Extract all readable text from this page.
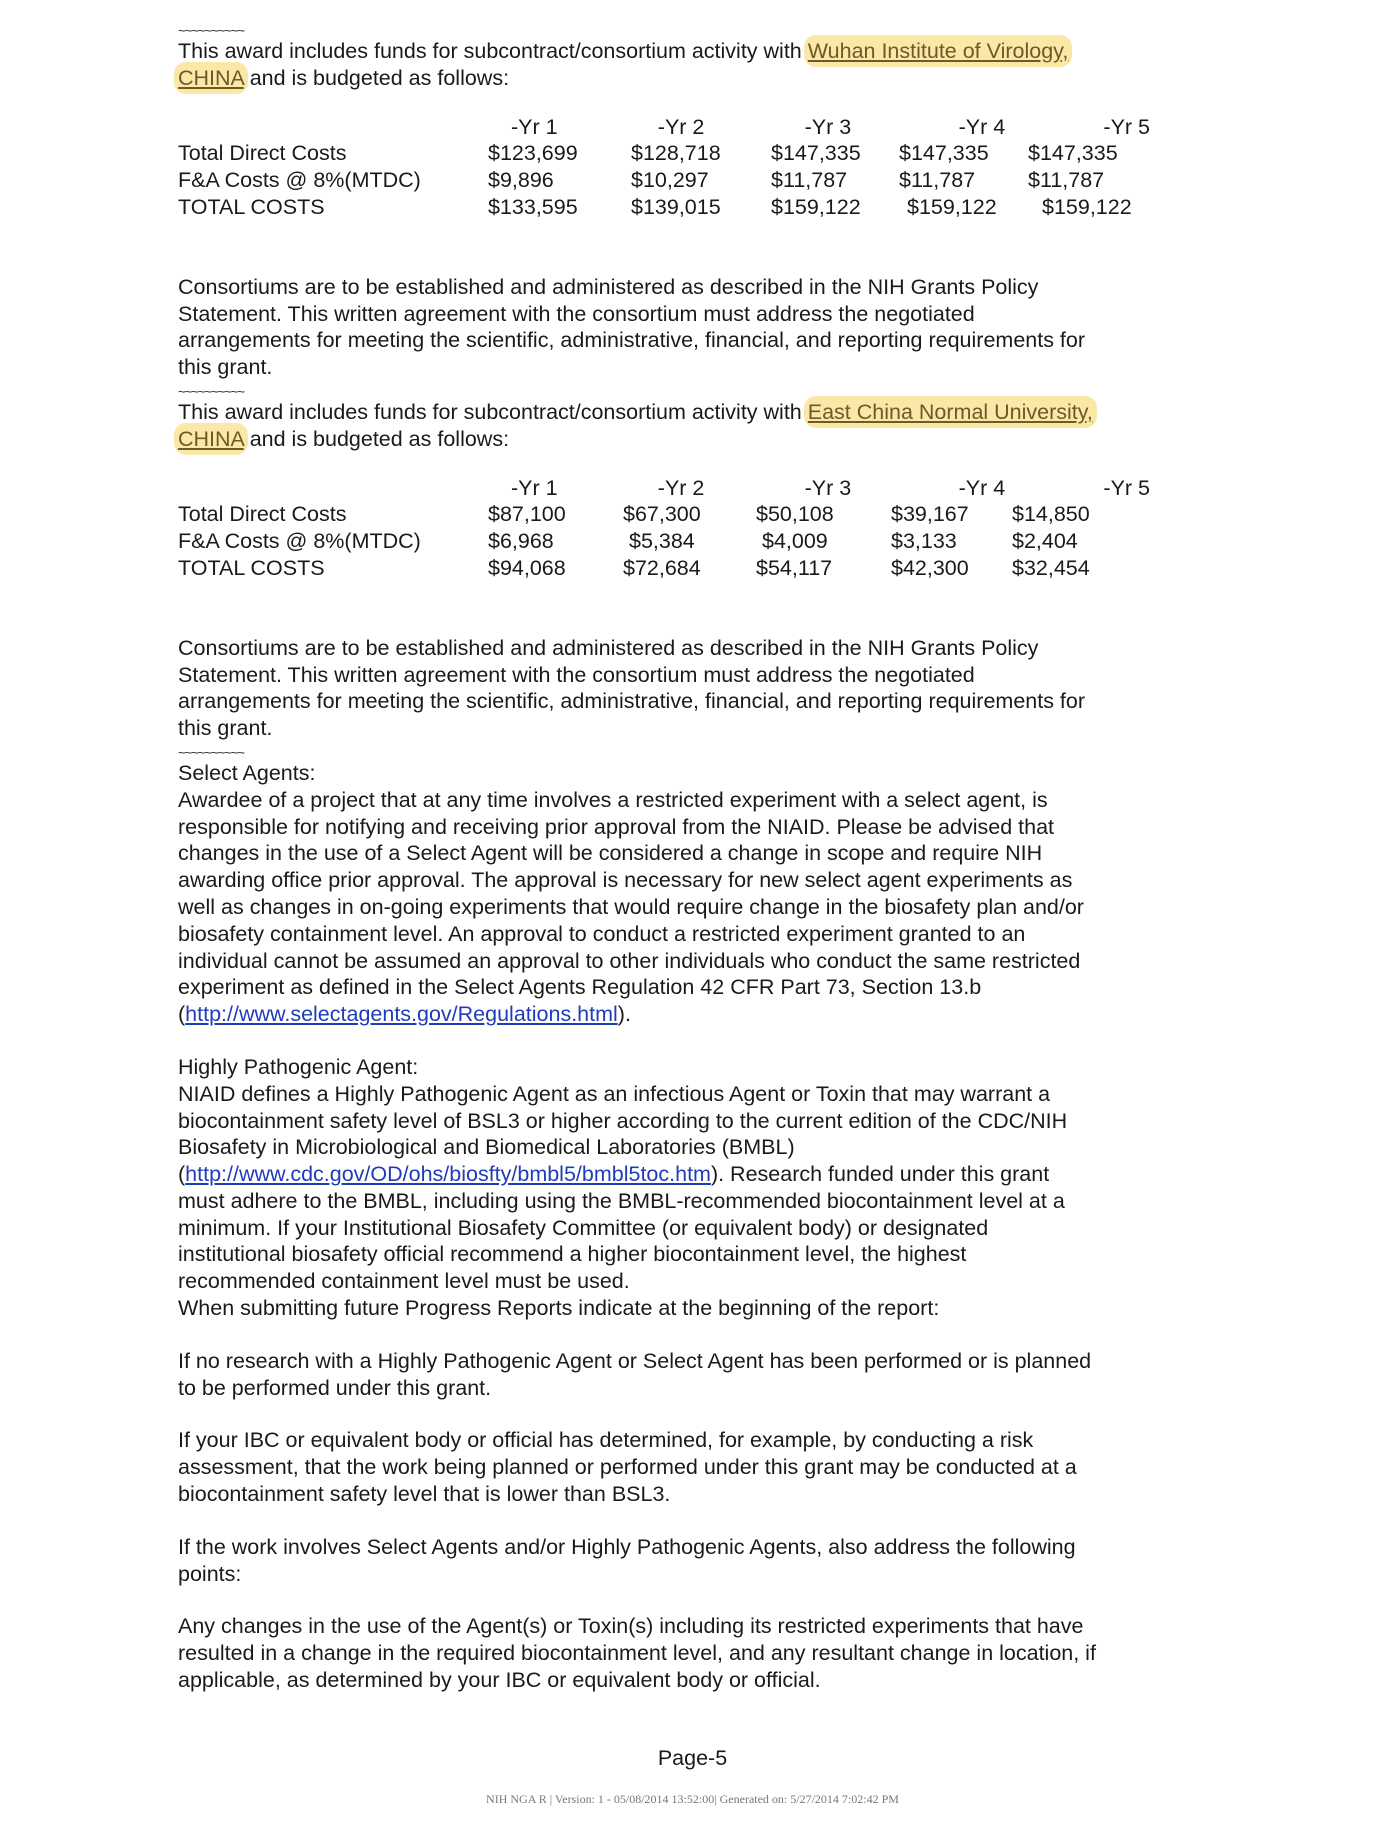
~~~~~~~~~~

This award includes funds for subcontract/consortium activity with Wuhan Institute of Virology,
CHINA and is budgeted as follows:

	-Yr 1	-Yr 2	-Yr 3	-Yr 4	-Yr 5
Total Direct Costs	$123,699	$128,718	$147,335	$147,335	$147,335
F&A Costs @ 8%(MTDC)	$9,896	$10,297	$11,787	$11,787	$11,787
TOTAL COSTS	$133,595	$139,015	$159,122	$159,122	$159,122

Consortiums are to be established and administered as described in the NIH Grants Policy
Statement. This written agreement with the consortium must address the negotiated
arrangements for meeting the scientific, administrative, financial, and reporting requirements for
this grant.

~~~~~~~~~~

This award includes funds for subcontract/consortium activity with East China Normal University,
CHINA and is budgeted as follows:

	-Yr 1	-Yr 2	-Yr 3	-Yr 4	-Yr 5
Total Direct Costs	$87,100	$67,300	$50,108	$39,167	$14,850
F&A Costs @ 8%(MTDC)	$6,968	$5,384	$4,009	$3,133	$2,404
TOTAL COSTS	$94,068	$72,684	$54,117	$42,300	$32,454

Consortiums are to be established and administered as described in the NIH Grants Policy
Statement. This written agreement with the consortium must address the negotiated
arrangements for meeting the scientific, administrative, financial, and reporting requirements for
this grant.

~~~~~~~~~~

Select Agents:

Awardee of a project that at any time involves a restricted experiment with a select agent, is
responsible for notifying and receiving prior approval from the NIAID. Please be advised that
changes in the use of a Select Agent will be considered a change in scope and require NIH
awarding office prior approval. The approval is necessary for new select agent experiments as
well as changes in on-going experiments that would require change in the biosafety plan and/or
biosafety containment level. An approval to conduct a restricted experiment granted to an
individual cannot be assumed an approval to other individuals who conduct the same restricted
experiment as defined in the Select Agents Regulation 42 CFR Part 73, Section 13.b
(http://www.selectagents.gov/Regulations.html).

Highly Pathogenic Agent:

NIAID defines a Highly Pathogenic Agent as an infectious Agent or Toxin that may warrant a
biocontainment safety level of BSL3 or higher according to the current edition of the CDC/NIH
Biosafety in Microbiological and Biomedical Laboratories (BMBL)
(http://www.cdc.gov/OD/ohs/biosfty/bmbl5/bmbl5toc.htm). Research funded under this grant
must adhere to the BMBL, including using the BMBL-recommended biocontainment level at a
minimum. If your Institutional Biosafety Committee (or equivalent body) or designated
institutional biosafety official recommend a higher biocontainment level, the highest
recommended containment level must be used.
When submitting future Progress Reports indicate at the beginning of the report:

If no research with a Highly Pathogenic Agent or Select Agent has been performed or is planned
to be performed under this grant.

If your IBC or equivalent body or official has determined, for example, by conducting a risk
assessment, that the work being planned or performed under this grant may be conducted at a
biocontainment safety level that is lower than BSL3.

If the work involves Select Agents and/or Highly Pathogenic Agents, also address the following
points:

Any changes in the use of the Agent(s) or Toxin(s) including its restricted experiments that have
resulted in a change in the required biocontainment level, and any resultant change in location, if
applicable, as determined by your IBC or equivalent body or official.

Page-5
NIH NGA R | Version: 1 - 05/08/2014 13:52:00| Generated on: 5/27/2014 7:02:42 PM
